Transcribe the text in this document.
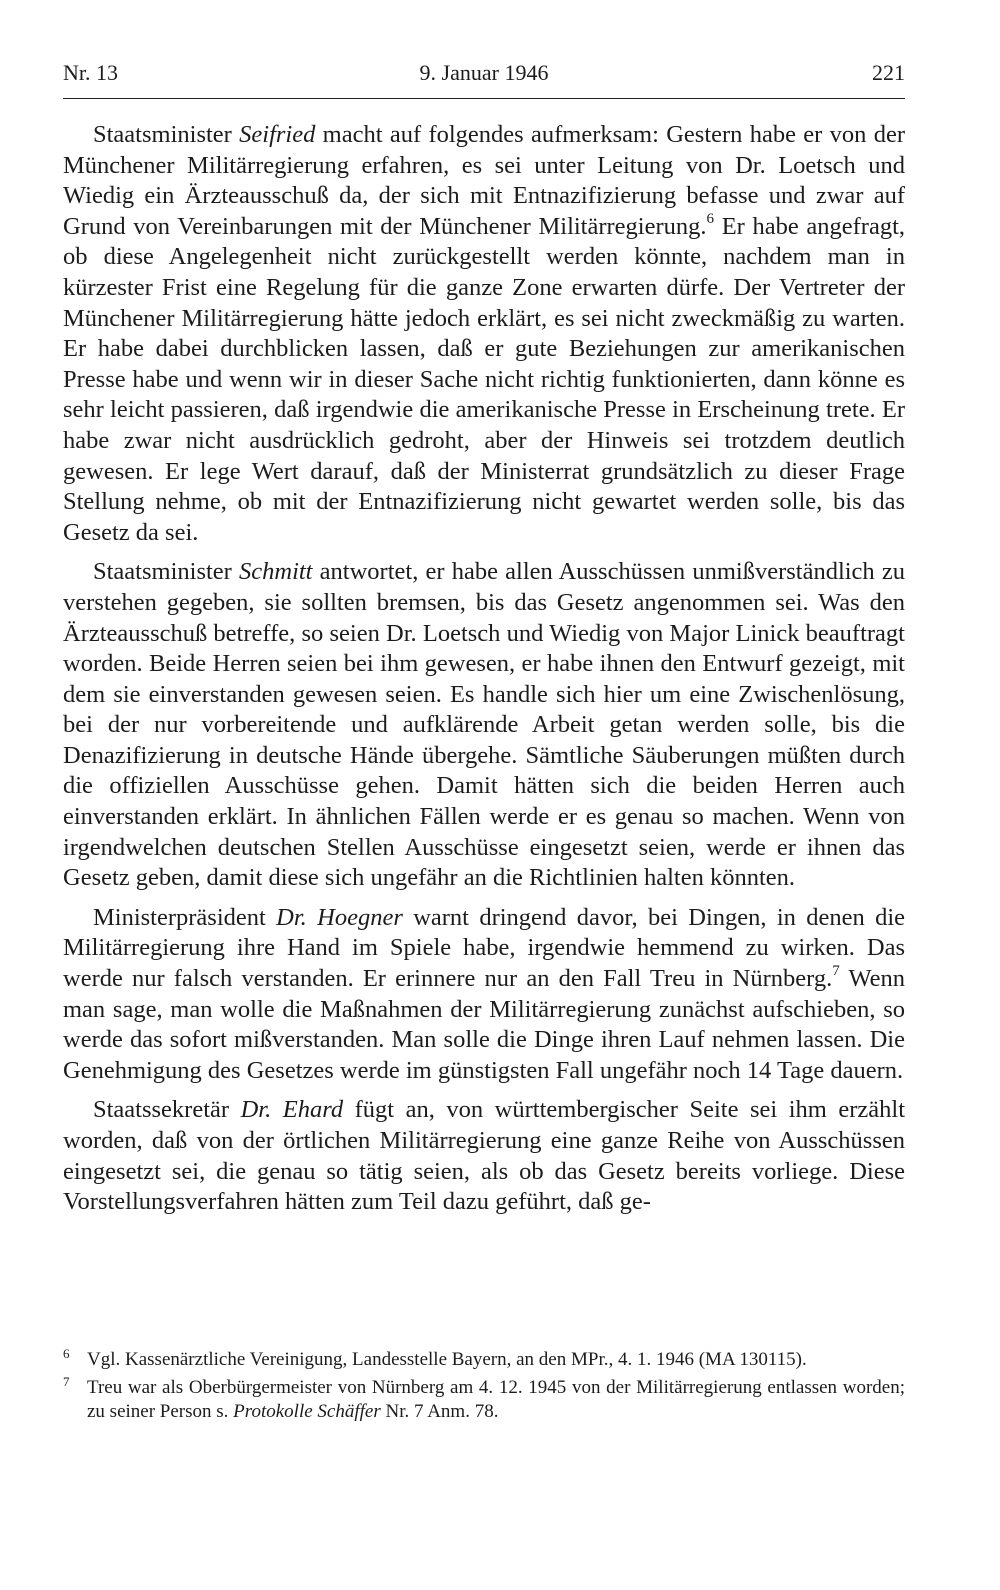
Nr. 13	9. Januar 1946	221

Staatsminister Seifried macht auf folgendes aufmerksam: Gestern habe er von der Münchener Militärregierung erfahren, es sei unter Leitung von Dr. Loetsch und Wiedig ein Ärzteausschuß da, der sich mit Entnazifizierung befasse und zwar auf Grund von Vereinbarungen mit der Münchener Militärregierung.$^6$ Er habe angefragt, ob diese Angelegenheit nicht zurückgestellt werden könnte, nachdem man in kürzester Frist eine Regelung für die ganze Zone erwarten dürfe. Der Vertreter der Münchener Militärregierung hätte jedoch erklärt, es sei nicht zweckmäßig zu warten. Er habe dabei durchblicken lassen, daß er gute Beziehungen zur amerikanischen Presse habe und wenn wir in dieser Sache nicht richtig funktionierten, dann könne es sehr leicht passieren, daß irgendwie die amerikanische Presse in Erscheinung trete. Er habe zwar nicht ausdrücklich gedroht, aber der Hinweis sei trotzdem deutlich gewesen. Er lege Wert darauf, daß der Ministerrat grundsätzlich zu dieser Frage Stellung nehme, ob mit der Entnazifizierung nicht gewartet werden solle, bis das Gesetz da sei.

Staatsminister Schmitt antwortet, er habe allen Ausschüssen unmißverständlich zu verstehen gegeben, sie sollten bremsen, bis das Gesetz angenommen sei. Was den Ärzteausschuß betreffe, so seien Dr. Loetsch und Wiedig von Major Linick beauftragt worden. Beide Herren seien bei ihm gewesen, er habe ihnen den Entwurf gezeigt, mit dem sie einverstanden gewesen seien. Es handle sich hier um eine Zwischenlösung, bei der nur vorbereitende und aufklärende Arbeit getan werden solle, bis die Denazifizierung in deutsche Hände übergehe. Sämtliche Säuberungen müßten durch die offiziellen Ausschüsse gehen. Damit hätten sich die beiden Herren auch einverstanden erklärt. In ähnlichen Fällen werde er es genau so machen. Wenn von irgendwelchen deutschen Stellen Ausschüsse eingesetzt seien, werde er ihnen das Gesetz geben, damit diese sich ungefähr an die Richtlinien halten könnten.

Ministerpräsident Dr. Hoegner warnt dringend davor, bei Dingen, in denen die Militärregierung ihre Hand im Spiele habe, irgendwie hemmend zu wirken. Das werde nur falsch verstanden. Er erinnere nur an den Fall Treu in Nürnberg.$^7$ Wenn man sage, man wolle die Maßnahmen der Militärregierung zunächst aufschieben, so werde das sofort mißverstanden. Man solle die Dinge ihren Lauf nehmen lassen. Die Genehmigung des Gesetzes werde im günstigsten Fall ungefähr noch 14 Tage dauern.

Staatssekretär Dr. Ehard fügt an, von württembergischer Seite sei ihm erzählt worden, daß von der örtlichen Militärregierung eine ganze Reihe von Ausschüssen eingesetzt sei, die genau so tätig seien, als ob das Gesetz bereits vorliege. Diese Vorstellungsverfahren hätten zum Teil dazu geführt, daß ge-

6 Vgl. Kassenärztliche Vereinigung, Landesstelle Bayern, an den MPr., 4. 1. 1946 (MA 130115).
7 Treu war als Oberbürgermeister von Nürnberg am 4. 12. 1945 von der Militärregierung entlassen worden; zu seiner Person s. Protokolle Schäffer Nr. 7 Anm. 78.
